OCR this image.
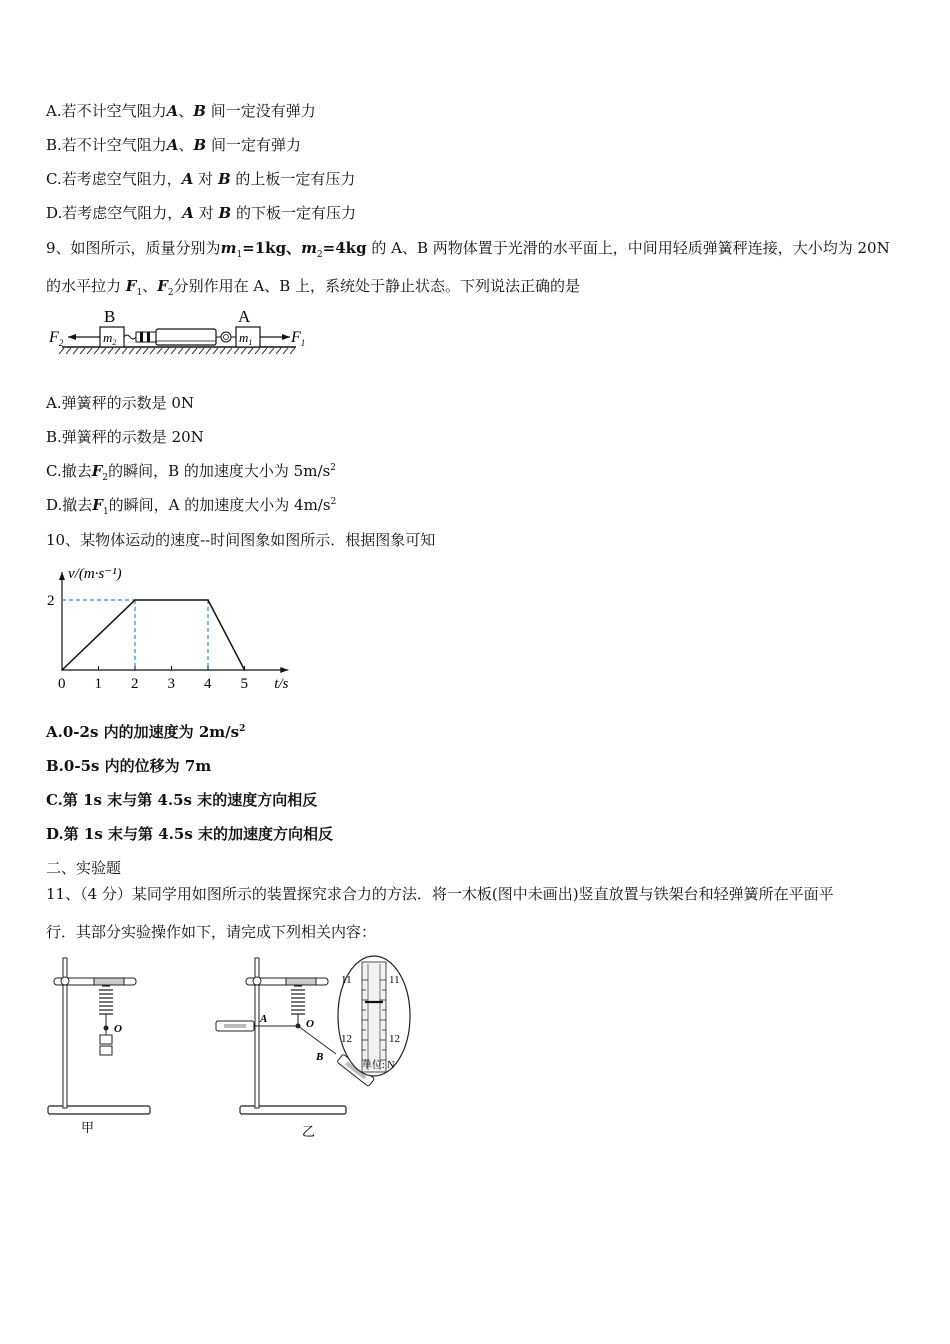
A.若不计空气阻力A、B 间一定没有弹力
B.若不计空气阻力A、B 间一定有弹力
C.若考虑空气阻力，A 对 B 的上板一定有压力
D.若考虑空气阻力，A 对 B 的下板一定有压力
9、如图所示，质量分别为$m_1=1kg$、$m_2=4kg$ 的 A、B 两物体置于光滑的水平面上，中间用轻质弹簧秤连接，大小均为 20N
的水平拉力 $F_1$、$F_2$分别作用在 A、B 上，系统处于静止状态。下列说法正确的是
B	A
$m_2$	$m_1$
$F_2$	$F_1$
A.弹簧秤的示数是 0N
B.弹簧秤的示数是 20N
C.撤去$F_2$的瞬间，B 的加速度大小为 $5m/s^2$
D.撤去$F_1$的瞬间，A 的加速度大小为 $4m/s^2$
10、某物体运动的速度--时间图象如图所示．根据图象可知
0 1 2 3 4 5
2
v/(m·s⁻¹)
t/s
A.0-2s 内的加速度为 $2m/s^2$
B.0-5s 内的位移为 7m
C.第 1s 末与第 4.5s 末的速度方向相反
D.第 1s 末与第 4.5s 末的加速度方向相反
二、实验题
11、（4 分）某同学用如图所示的装置探究求合力的方法．将一木板(图中未画出)竖直放置与铁架台和轻弹簧所在平面平
行．其部分实验操作如下，请完成下列相关内容：
O
甲
O
A
B
11	11
12	12
单位: N
乙
